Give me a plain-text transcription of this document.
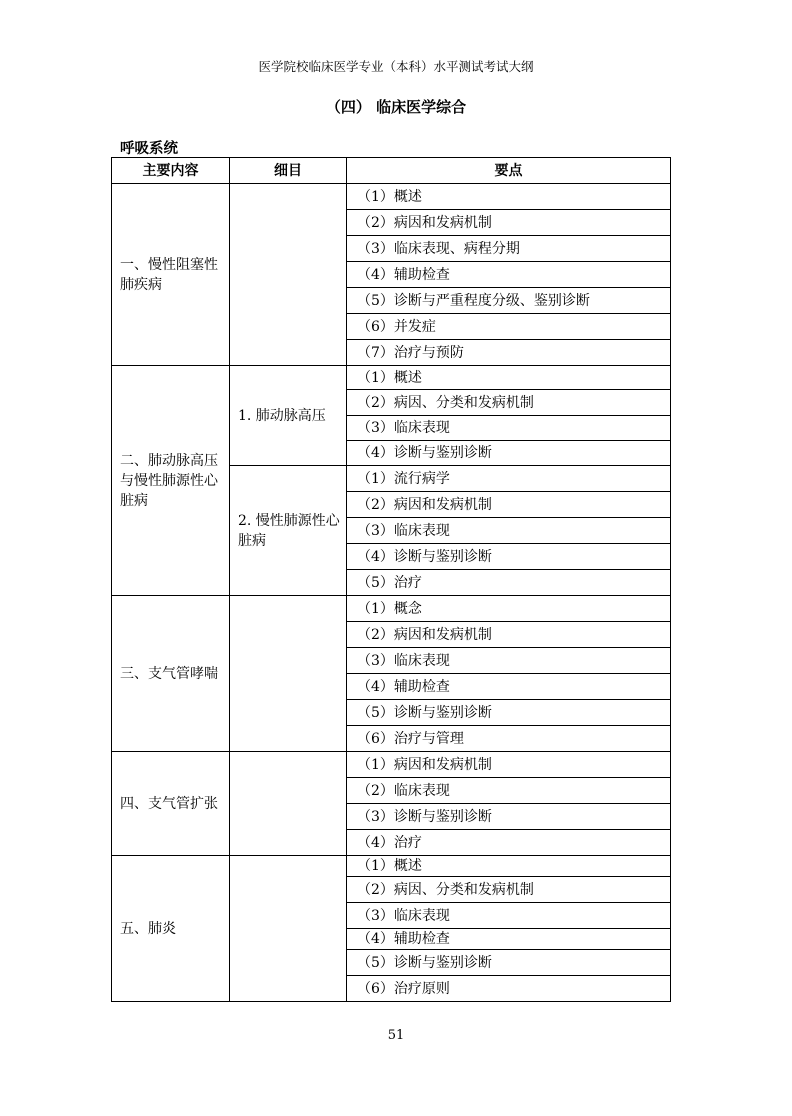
医学院校临床医学专业（本科）水平测试考试大纲
（四） 临床医学综合
呼吸系统
主要内容	细目	要点
一、慢性阻塞性肺疾病		（1）概述
		（2）病因和发病机制
		（3）临床表现、病程分期
		（4）辅助检查
		（5）诊断与严重程度分级、鉴别诊断
		（6）并发症
		（7）治疗与预防
二、肺动脉高压与慢性肺源性心脏病	1. 肺动脉高压	（1）概述
		（2）病因、分类和发病机制
		（3）临床表现
		（4）诊断与鉴别诊断
	2. 慢性肺源性心脏病	（1）流行病学
		（2）病因和发病机制
		（3）临床表现
		（4）诊断与鉴别诊断
		（5）治疗
三、支气管哮喘		（1）概念
		（2）病因和发病机制
		（3）临床表现
		（4）辅助检查
		（5）诊断与鉴别诊断
		（6）治疗与管理
四、支气管扩张		（1）病因和发病机制
		（2）临床表现
		（3）诊断与鉴别诊断
		（4）治疗
五、肺炎		（1）概述
		（2）病因、分类和发病机制
		（3）临床表现
		（4）辅助检查
		（5）诊断与鉴别诊断
		（6）治疗原则
51
